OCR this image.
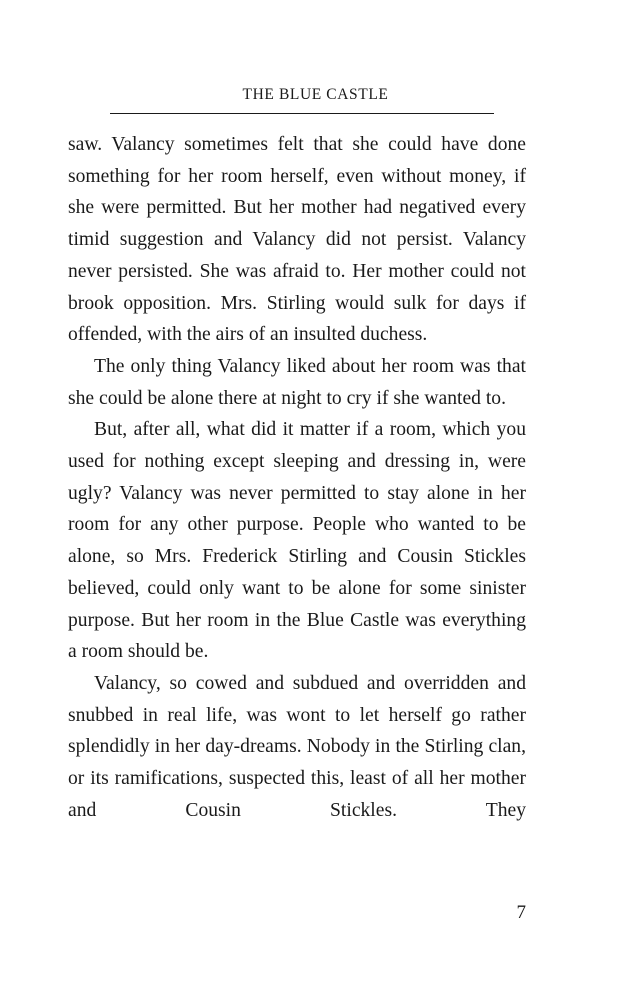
THE BLUE CASTLE

saw. Valancy sometimes felt that she could have done something for her room herself, even without money, if she were permitted. But her mother had negatived every timid suggestion and Valancy did not persist. Valancy never persisted. She was afraid to. Her mother could not brook opposition. Mrs. Stirling would sulk for days if offended, with the airs of an insulted duchess.

The only thing Valancy liked about her room was that she could be alone there at night to cry if she wanted to.

But, after all, what did it matter if a room, which you used for nothing except sleeping and dressing in, were ugly? Valancy was never permitted to stay alone in her room for any other purpose. People who wanted to be alone, so Mrs. Frederick Stirling and Cousin Stickles believed, could only want to be alone for some sinister purpose. But her room in the Blue Castle was everything a room should be.

Valancy, so cowed and subdued and overridden and snubbed in real life, was wont to let herself go rather splendidly in her day-dreams. Nobody in the Stirling clan, or its ramifications, suspected this, least of all her mother and Cousin Stickles. They

7
